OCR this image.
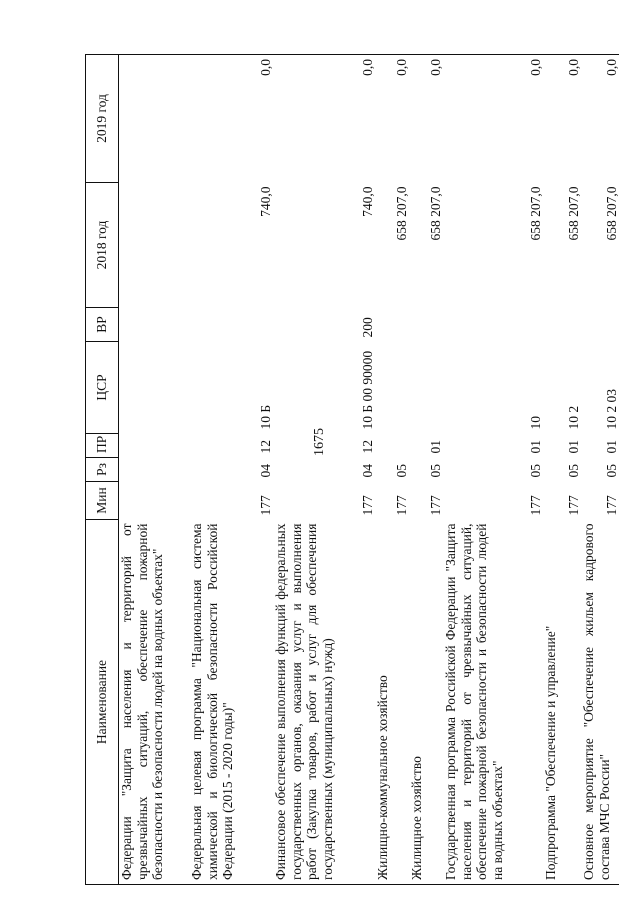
1675
Наименование	Мин	Рз	ПР	ЦСР	ВР	2018 год	2019 год
Федерации "Защита населения и территорий от чрезвычайных ситуаций, обеспечение пожарной безопасности и безопасности людей на водных объектах"							
Федеральная целевая программа "Национальная система химической и биологической безопасности Российской Федерации (2015 - 2020 годы)"	177	04	12	10 Б		740,0	0,0
Финансовое обеспечение выполнения функций федеральных государственных органов, оказания услуг и выполнения работ (Закупка товаров, работ и услуг для обеспечения государственных (муниципальных) нужд)	177	04	12	10 Б 00 90000	200	740,0	0,0
Жилищно-коммунальное хозяйство	177	05				658 207,0	0,0
Жилищное хозяйство	177	05	01			658 207,0	0,0
Государственная программа Российской Федерации "Защита населения и территорий от чрезвычайных ситуаций, обеспечение пожарной безопасности и безопасности людей на водных объектах"	177	05	01	10		658 207,0	0,0
Подпрограмма "Обеспечение и управление"	177	05	01	10 2		658 207,0	0,0
Основное мероприятие "Обеспечение жильем кадрового состава МЧС России"	177	05	01	10 2 03		658 207,0	0,0
